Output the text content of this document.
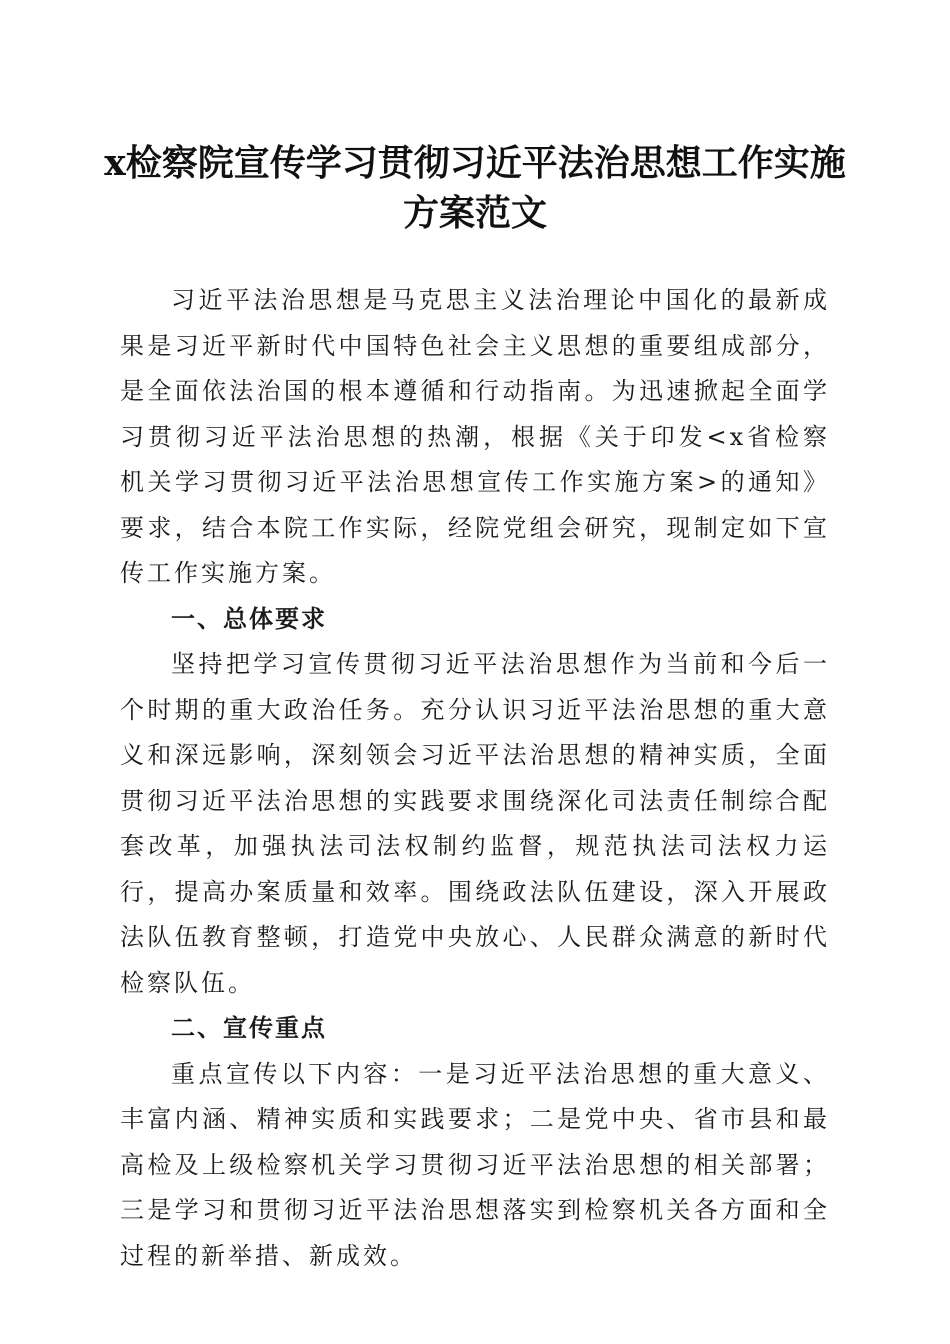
x检察院宣传学习贯彻习近平法治思想工作实施方案范文

习近平法治思想是马克思主义法治理论中国化的最新成果是习近平新时代中国特色社会主义思想的重要组成部分，是全面依法治国的根本遵循和行动指南。为迅速掀起全面学习贯彻习近平法治思想的热潮，根据《关于印发<x省检察机关学习贯彻习近平法治思想宣传工作实施方案>的通知》要求，结合本院工作实际，经院党组会研究，现制定如下宣传工作实施方案。

一、总体要求

坚持把学习宣传贯彻习近平法治思想作为当前和今后一个时期的重大政治任务。充分认识习近平法治思想的重大意义和深远影响，深刻领会习近平法治思想的精神实质，全面贯彻习近平法治思想的实践要求围绕深化司法责任制综合配套改革，加强执法司法权制约监督，规范执法司法权力运行，提高办案质量和效率。围绕政法队伍建设，深入开展政法队伍教育整顿，打造党中央放心、人民群众满意的新时代检察队伍。

二、宣传重点

重点宣传以下内容：一是习近平法治思想的重大意义、丰富内涵、精神实质和实践要求；二是党中央、省市县和最高检及上级检察机关学习贯彻习近平法治思想的相关部署；三是学习和贯彻习近平法治思想落实到检察机关各方面和全过程的新举措、新成效。
